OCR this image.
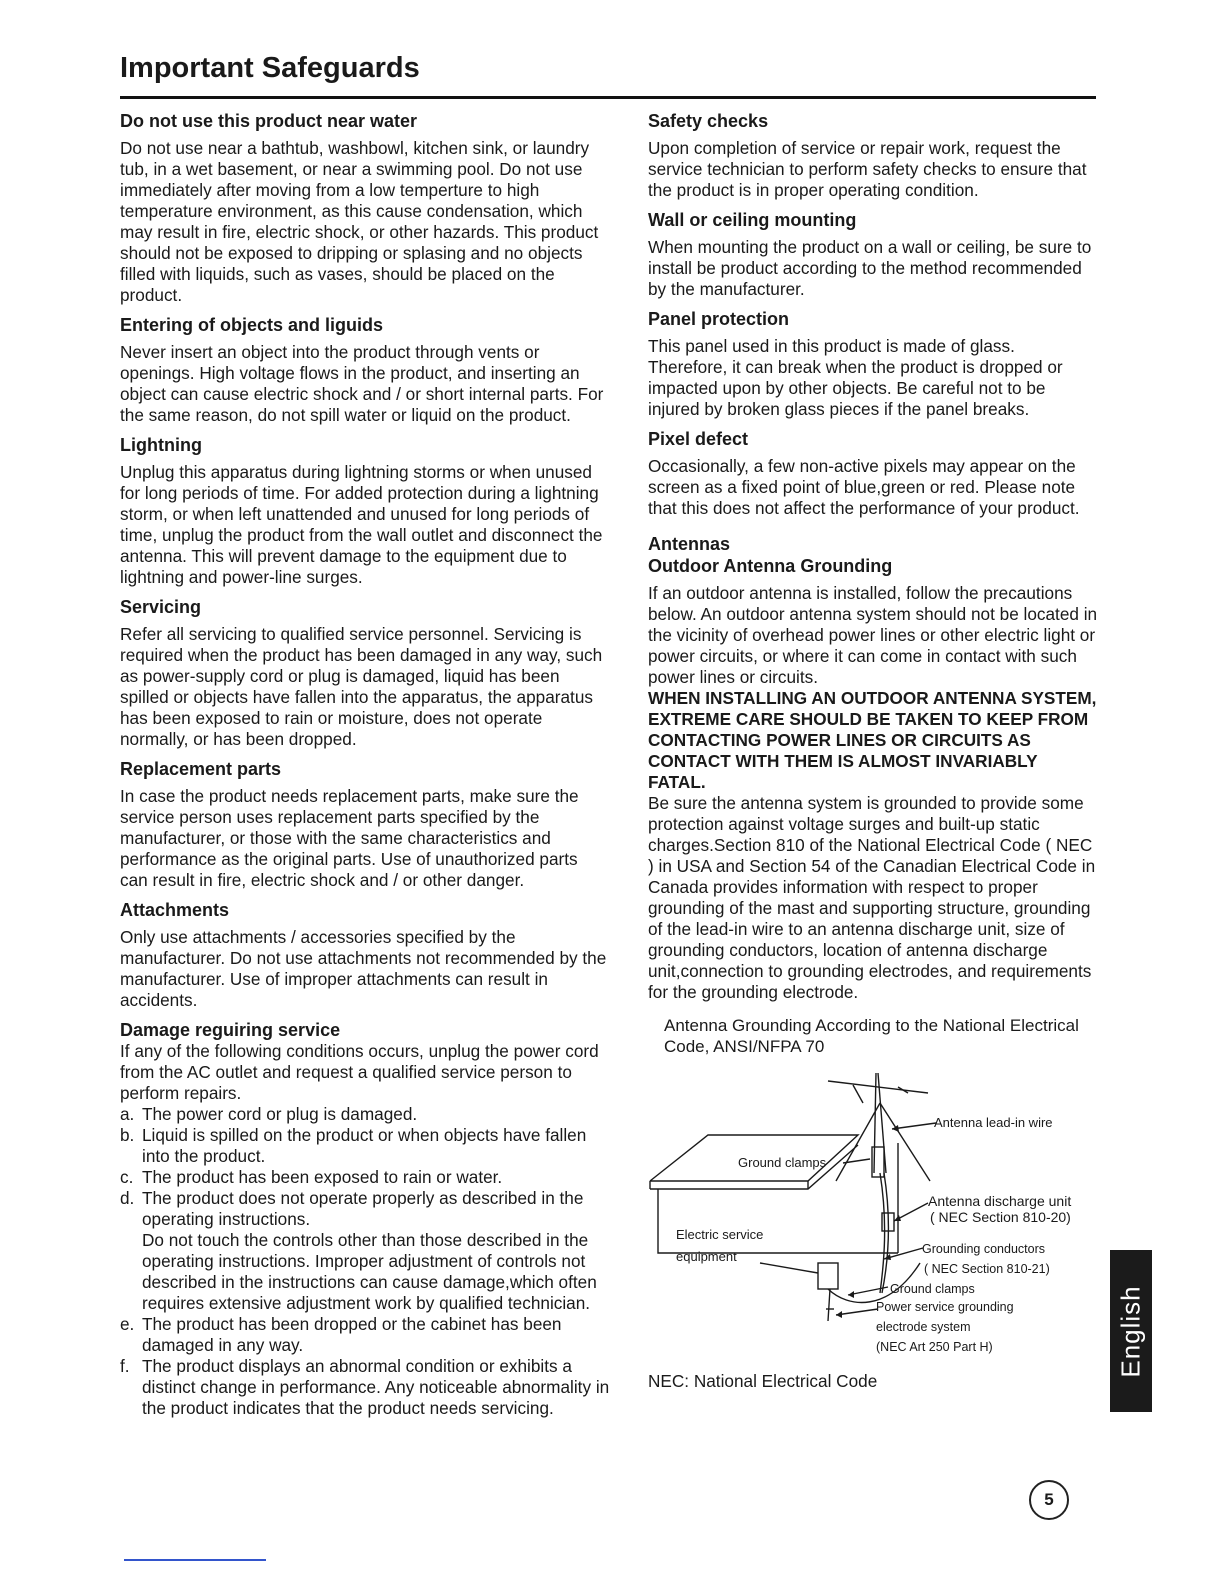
Important Safeguards
Do not use this product near water

Do not use near a bathtub, washbowl, kitchen sink, or laundry tub, in a wet basement, or near a swimming pool. Do not use immediately after moving from a low temperture to high temperature environment, as this cause condensation, which may result in fire, electric shock, or other hazards. This product should not be exposed to dripping or splasing and no objects filled with liquids, such as vases, should be placed on the product.

Entering of objects and liguids

Never insert an object into the product through vents or openings. High voltage flows in the product, and inserting an object can cause electric shock and / or short internal parts. For the same reason, do not spill water or liquid on the product.

Lightning

Unplug this apparatus during lightning storms or when unused for long periods of time. For added protection during a lightning storm, or when left unattended and unused for long periods of time, unplug the product from the wall outlet and disconnect the antenna. This will prevent damage to the equipment due to lightning and power-line surges.

Servicing

Refer all servicing to qualified service personnel. Servicing is required when the product has been damaged in any way, such as power-supply cord or plug is damaged, liquid has been spilled or objects have fallen into the apparatus, the apparatus has been exposed to rain or moisture, does not operate normally, or has been dropped.

Replacement parts

In case the product needs replacement parts, make sure the service person uses replacement parts specified by the manufacturer, or those with the same characteristics and performance as the original parts. Use of unauthorized parts can result in fire, electric shock and / or other danger.

Attachments

Only use attachments / accessories specified by the manufacturer. Do not use attachments not recommended by the manufacturer. Use of improper attachments can result in accidents.

Damage reguiring service

If any of the following conditions occurs, unplug the power cord from the AC outlet and request a qualified service person to perform repairs.

a. The power cord or plug is damaged.
b. Liquid is spilled on the product or when objects have fallen into the product.
c. The product has been exposed to rain or water.
d. The product does not operate properly as described in the operating instructions.
Do not touch the controls other than those described in the operating instructions. Improper adjustment of controls not described in the instructions can cause damage,which often requires extensive adjustment work by qualified technician.
e. The product has been dropped or the cabinet has been damaged in any way.
f. The product displays an abnormal condition or exhibits a distinct change in performance. Any noticeable abnormality in the product indicates that the product needs servicing.
Safety checks

Upon completion of service or repair work, request the service technician to perform safety checks to ensure that the product is in proper operating condition.

Wall or ceiling mounting

When mounting the product on a wall or ceiling, be sure to install be product according to the method recommended by the manufacturer.

Panel protection

This panel used in this product is made of glass. Therefore, it can break when the product is dropped or impacted upon by other objects. Be careful not to be injured by broken glass pieces if the panel breaks.

Pixel defect

Occasionally, a few non-active pixels may appear on the screen as a fixed point of blue,green or red. Please note that this does not affect the performance of your product.

Antennas
Outdoor Antenna Grounding

If an outdoor antenna is installed, follow the precautions below. An outdoor antenna system should not be located in the vicinity of overhead power lines or other electric light or power circuits, or where it can come in contact with such power lines or circuits.

WHEN INSTALLING AN OUTDOOR ANTENNA SYSTEM, EXTREME CARE SHOULD BE TAKEN TO KEEP FROM CONTACTING POWER LINES OR CIRCUITS AS CONTACT WITH THEM IS ALMOST INVARIABLY FATAL.

Be sure the antenna system is grounded to provide some protection against voltage surges and built-up static charges.Section 810 of the National Electrical Code ( NEC ) in USA and Section 54 of the Canadian Electrical Code in Canada provides information with respect to proper grounding of the mast and supporting structure, grounding of the lead-in wire to an antenna discharge unit, size of grounding conductors, location of antenna discharge unit,connection to grounding electrodes, and requirements for the grounding electrode.

Antenna Grounding According to the National Electrical Code, ANSI/NFPA 70

Antenna lead-in wire
Ground clamps
Antenna discharge unit
( NEC Section 810-20)
Electric service
equipment	Grounding conductors
( NEC Section 810-21)
Ground clamps
Power service grounding
electrode system
(NEC Art 250 Part H)

NEC: National Electrical Code

English
5
